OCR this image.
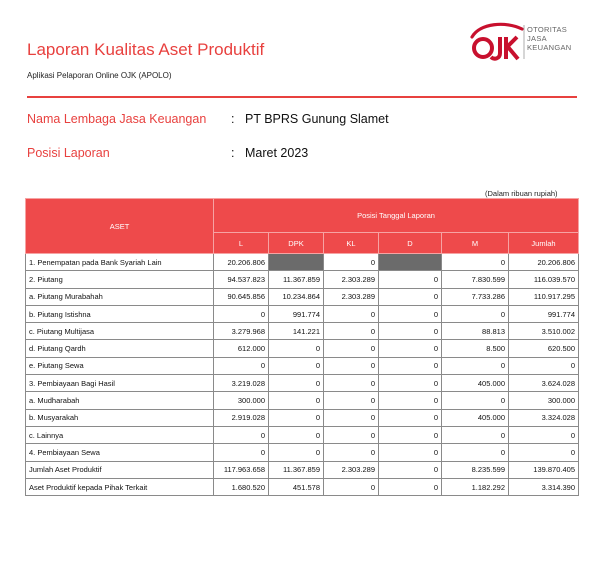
Laporan Kualitas Aset Produktif
Aplikasi Pelaporan Online OJK (APOLO)
OTORITAS
JASA
KEUANGAN
Nama Lembaga Jasa Keuangan : PT BPRS Gunung Slamet
Posisi Laporan	: Maret 2023
(Dalam ribuan rupiah)
ASET	Posisi Tanggal Laporan					
	L	DPK	KL	D	M	Jumlah
1. Penempatan pada Bank Syariah Lain	20.206.806		0		0	20.206.806
2. Piutang	94.537.823	11.367.859	2.303.289	0	7.830.599	116.039.570
a. Piutang Murabahah	90.645.856	10.234.864	2.303.289	0	7.733.286	110.917.295
b. Piutang Istishna	0	991.774	0	0	0	991.774
c. Piutang Multijasa	3.279.968	141.221	0	0	88.813	3.510.002
d. Piutang Qardh	612.000	0	0	0	8.500	620.500
e. Piutang Sewa	0	0	0	0	0	0
3. Pembiayaan Bagi Hasil	3.219.028	0	0	0	405.000	3.624.028
a. Mudharabah	300.000	0	0	0	0	300.000
b. Musyarakah	2.919.028	0	0	0	405.000	3.324.028
c. Lainnya	0	0	0	0	0	0
4. Pembiayaan Sewa	0	0	0	0	0	0
Jumlah Aset Produktif	117.963.658	11.367.859	2.303.289	0	8.235.599	139.870.405
Aset Produktif kepada Pihak Terkait	1.680.520	451.578	0	0	1.182.292	3.314.390
